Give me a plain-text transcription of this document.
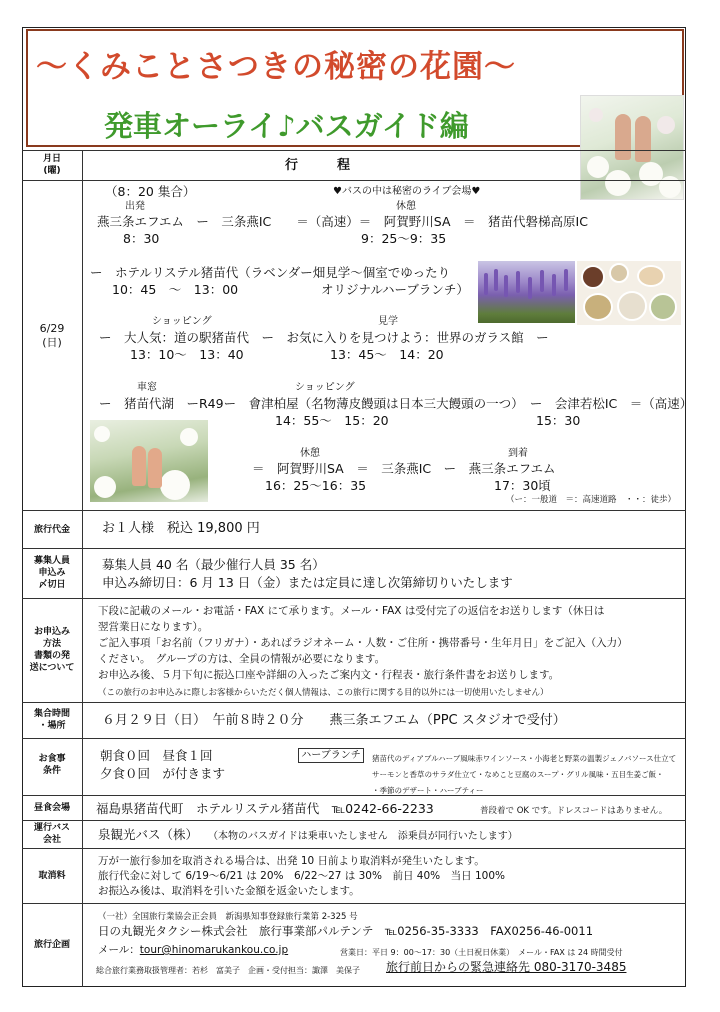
〜くみことさつきの秘密の花園〜
発車オーライ♪バスガイド編
月日
(曜)	行　　　程
6/29
(日)
（8：20 集合）	♥バスの中は秘密のライブ会場♥
出発	休憩
燕三条エフエム　ー　三条燕IC　　＝（高速）＝　阿賀野川SA　＝　猪苗代磐梯高原IC
8：30	9：25〜9：35
ー　ホテルリステル猪苗代（ラベンダー畑見学〜個室でゆったり
10：45　〜　13：00	オリジナルハーブランチ）
ショッピング	見学
ー　大人気：道の駅猪苗代　ー　お気に入りを見つけよう：世界のガラス館　ー
13：10〜　13：40	13：45〜　14：20
車窓	ショッピング
ー　猪苗代湖　ーR49ー　會津柏屋（名物薄皮饅頭は日本三大饅頭の一つ）　ー　会津若松IC　＝（高速）
14：55〜　15：20	15：30
休憩	到着
＝　阿賀野川SA　＝　三条燕IC　ー　燕三条エフエム
16：25〜16：35	17：30頃
（ー：一般道　＝：高速道路　・・：徒歩）
旅行代金	お１人様　税込 19,800 円
募集人員
申込み
〆切日
募集人員 40 名（最少催行人員 35 名）
申込み締切日：6 月 13 日（金）または定員に達し次第締切りいたします
お申込み
方法
書類の発
送について
下段に記載のメール・お電話・FAX にて承ります。メール・FAX は受付完了の返信をお送りします（休日は
翌営業日になります）。
ご記入事項「お名前（フリガナ）・あればラジオネーム・人数・ご住所・携帯番号・生年月日」をご記入（入力）
ください。　グループの方は、全員の情報が必要になります。
お申込み後、５月下旬に振込口座や詳細の入ったご案内文・行程表・旅行条件書をお送りします。
（この旅行のお申込みに際しお客様からいただく個人情報は、この旅行に関する目的以外には一切使用いたしません）
集合時間
・場所	６月２９日（日）　午前８時２０分　　燕三条エフエム（PPC スタジオで受付）
お食事
条件
朝食０回　昼食１回
夕食０回　が付きます
ハーブランチ	猪苗代のディアブルハーブ風味赤ワインソース・小海老と野菜の温製ジェノバソース仕立て
サーモンと香草のサラダ仕立て・なめこと豆腐のスープ・グリル風味・五目生姜ご飯・
・季節のデザート・ハーブティー
昼食会場	福島県猪苗代町　ホテルリステル猪苗代　℡0242-66-2233	普段着で OK です。ドレスコードはありません。
運行バス
会社	泉観光バス（株） （本物のバスガイドは乗車いたしません　添乗員が同行いたします）
取消料
万が一旅行参加を取消される場合は、出発 10 日前より取消料が発生いたします。
旅行代金に対して 6/19〜6/21 は 20%　6/22〜27 は 30%　前日 40%　当日 100%
お振込み後は、取消料を引いた金額を返金いたします。
旅行企画
（一社）全国旅行業協会正会員　新潟県知事登録旅行業第 2-325 号
日の丸観光タクシー株式会社　旅行事業部パルテンテ　℡0256-35-3333　FAX0256-46-0011
メール：tour@hinomarukankou.co.jp	営業日：平日 9：00〜17：30（土日祝日休業）　メール・FAX は 24 時間受付
総合旅行業務取扱管理者：若杉　富美子　企画・受付担当：諏澤　美保子 旅行前日からの緊急連絡先 080-3170-3485
